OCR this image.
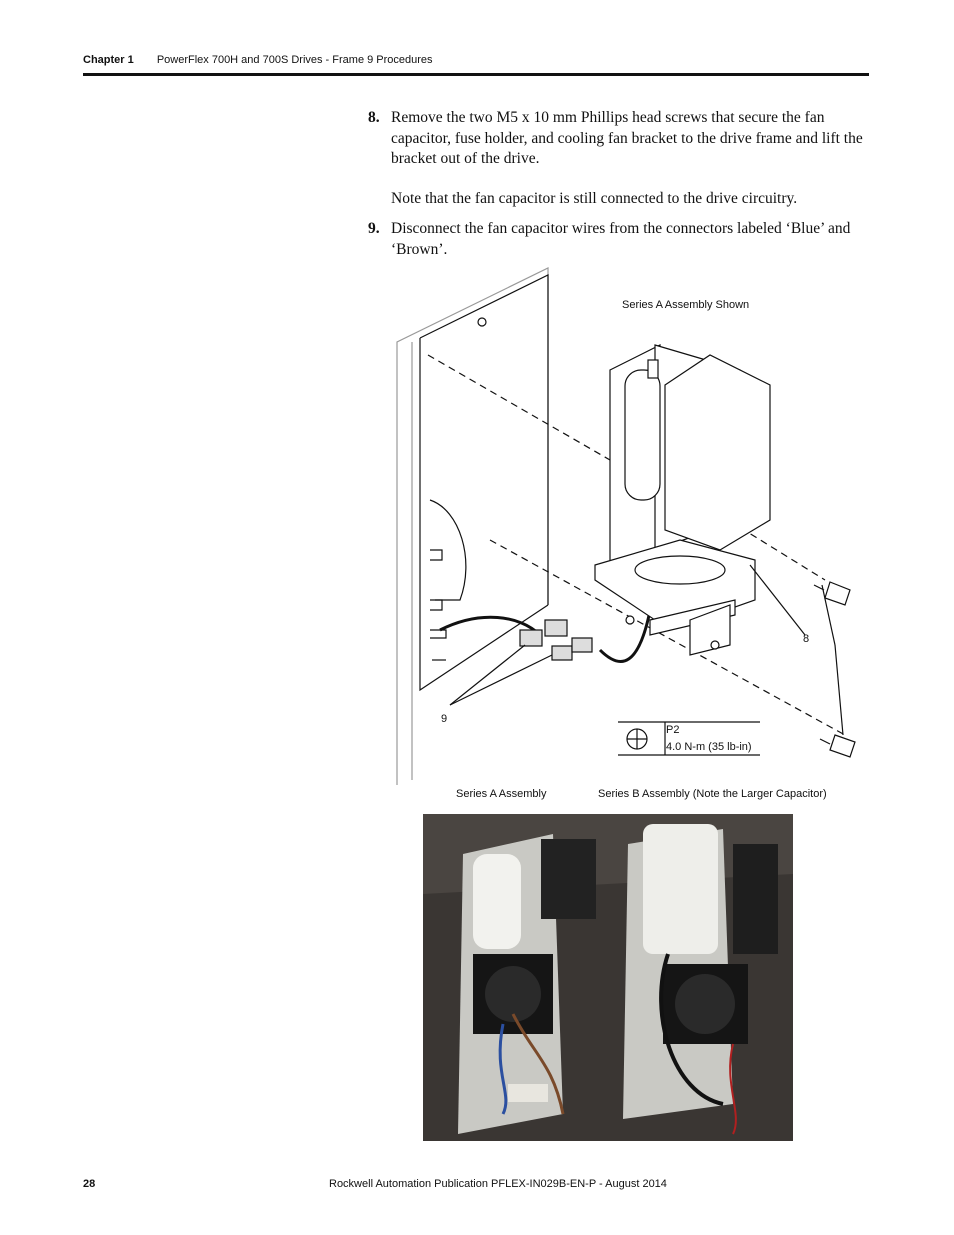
Chapter 1 PowerFlex 700H and 700S Drives - Frame 9 Procedures
8. Remove the two M5 x 10 mm Phillips head screws that secure the fan capacitor, fuse holder, and cooling fan bracket to the drive frame and lift the bracket out of the drive.
Note that the fan capacitor is still connected to the drive circuitry.
9. Disconnect the fan capacitor wires from the connectors labeled ‘Blue’ and ‘Brown’.
Series A Assembly Shown
8
9
P2
4.0 N-m (35 lb-in)
Series A Assembly	Series B Assembly (Note the Larger Capacitor)
28	Rockwell Automation Publication PFLEX-IN029B-EN-P - August 2014
